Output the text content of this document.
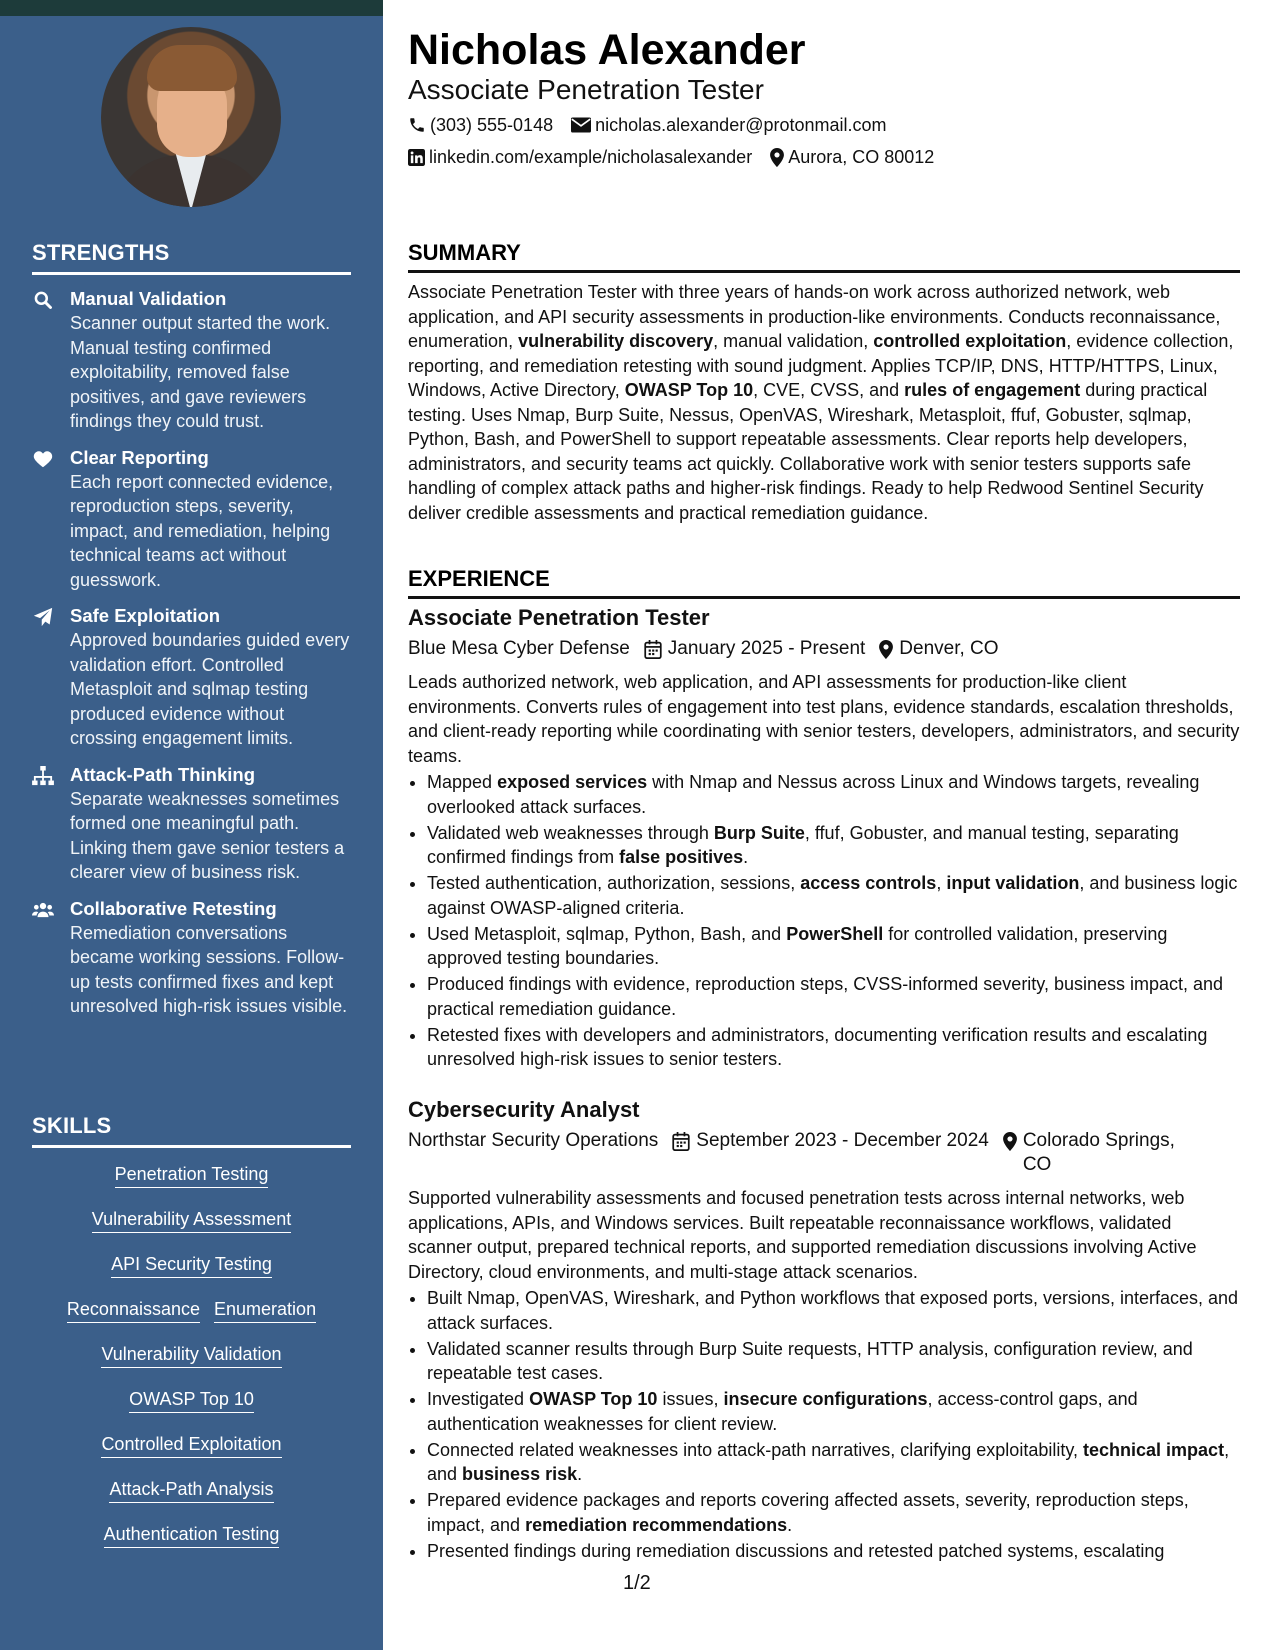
STRENGTHS
Manual Validation
Scanner output started the work. Manual testing confirmed exploitability, removed false positives, and gave reviewers findings they could trust.
Clear Reporting
Each report connected evidence, reproduction steps, severity, impact, and remediation, helping technical teams act without guesswork.
Safe Exploitation
Approved boundaries guided every validation effort. Controlled Metasploit and sqlmap testing produced evidence without crossing engagement limits.
Attack-Path Thinking
Separate weaknesses sometimes formed one meaningful path. Linking them gave senior testers a clearer view of business risk.
Collaborative Retesting
Remediation conversations became working sessions. Follow-up tests confirmed fixes and kept unresolved high-risk issues visible.
SKILLS
Penetration Testing
Vulnerability Assessment
API Security Testing
Reconnaissance Enumeration
Vulnerability Validation
OWASP Top 10
Controlled Exploitation
Attack-Path Analysis
Authentication Testing
Nicholas Alexander
Associate Penetration Tester
(303) 555-0148 nicholas.alexander@protonmail.com
linkedin.com/example/nicholasalexander Aurora, CO 80012
SUMMARY
Associate Penetration Tester with three years of hands-on work across authorized network, web application, and API security assessments in production-like environments. Conducts reconnaissance, enumeration, vulnerability discovery, manual validation, controlled exploitation, evidence collection, reporting, and remediation retesting with sound judgment. Applies TCP/IP, DNS, HTTP/HTTPS, Linux, Windows, Active Directory, OWASP Top 10, CVE, CVSS, and rules of engagement during practical testing. Uses Nmap, Burp Suite, Nessus, OpenVAS, Wireshark, Metasploit, ffuf, Gobuster, sqlmap, Python, Bash, and PowerShell to support repeatable assessments. Clear reports help developers, administrators, and security teams act quickly. Collaborative work with senior testers supports safe handling of complex attack paths and higher-risk findings. Ready to help Redwood Sentinel Security deliver credible assessments and practical remediation guidance.
EXPERIENCE
Associate Penetration Tester
Blue Mesa Cyber Defense January 2025 - Present Denver, CO
Leads authorized network, web application, and API assessments for production-like client environments. Converts rules of engagement into test plans, evidence standards, escalation thresholds, and client-ready reporting while coordinating with senior testers, developers, administrators, and security teams.
• Mapped exposed services with Nmap and Nessus across Linux and Windows targets, revealing overlooked attack surfaces.
• Validated web weaknesses through Burp Suite, ffuf, Gobuster, and manual testing, separating confirmed findings from false positives.
• Tested authentication, authorization, sessions, access controls, input validation, and business logic against OWASP-aligned criteria.
• Used Metasploit, sqlmap, Python, Bash, and PowerShell for controlled validation, preserving approved testing boundaries.
• Produced findings with evidence, reproduction steps, CVSS-informed severity, business impact, and practical remediation guidance.
• Retested fixes with developers and administrators, documenting verification results and escalating unresolved high-risk issues to senior testers.
Cybersecurity Analyst
Northstar Security Operations September 2023 - December 2024 Colorado Springs, CO
Supported vulnerability assessments and focused penetration tests across internal networks, web applications, APIs, and Windows services. Built repeatable reconnaissance workflows, validated scanner output, prepared technical reports, and supported remediation discussions involving Active Directory, cloud environments, and multi-stage attack scenarios.
• Built Nmap, OpenVAS, Wireshark, and Python workflows that exposed ports, versions, interfaces, and attack surfaces.
• Validated scanner results through Burp Suite requests, HTTP analysis, configuration review, and repeatable test cases.
• Investigated OWASP Top 10 issues, insecure configurations, access-control gaps, and authentication weaknesses for client review.
• Connected related weaknesses into attack-path narratives, clarifying exploitability, technical impact, and business risk.
• Prepared evidence packages and reports covering affected assets, severity, reproduction steps, impact, and remediation recommendations.
• Presented findings during remediation discussions and retested patched systems, escalating
1/2
